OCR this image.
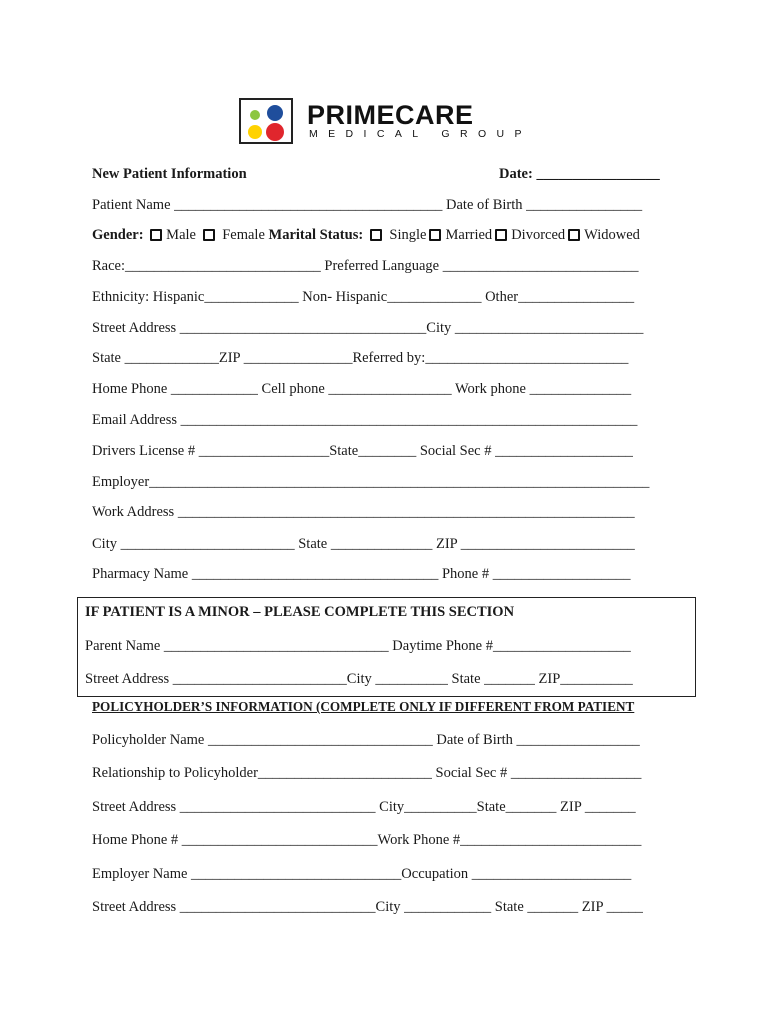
PRIMECARE
MEDICAL GROUP
New Patient Information	Date: _________________
Patient Name _____________________________________ Date of Birth ________________
Gender: Male Female Marital Status: Single Married Divorced Widowed
Race:___________________________ Preferred Language ___________________________
Ethnicity: Hispanic_____________ Non- Hispanic_____________ Other________________
Street Address __________________________________City __________________________
State _____________ZIP _______________Referred by:____________________________
Home Phone ____________ Cell phone _________________ Work phone ______________
Email Address _______________________________________________________________
Drivers License # __________________State________ Social Sec # ___________________
Employer_____________________________________________________________________
Work Address _______________________________________________________________
City ________________________ State ______________ ZIP ________________________
Pharmacy Name __________________________________ Phone # ___________________
IF PATIENT IS A MINOR – PLEASE COMPLETE THIS SECTION
Parent Name _______________________________ Daytime Phone #___________________
Street Address ________________________City __________ State _______ ZIP__________
POLICYHOLDER’S INFORMATION (COMPLETE ONLY IF DIFFERENT FROM PATIENT
Policyholder Name _______________________________ Date of Birth _________________
Relationship to Policyholder________________________ Social Sec # __________________
Street Address ___________________________ City__________State_______ ZIP _______
Home Phone # ___________________________Work Phone #_________________________
Employer Name _____________________________Occupation ______________________
Street Address ___________________________City ____________ State _______ ZIP _____
